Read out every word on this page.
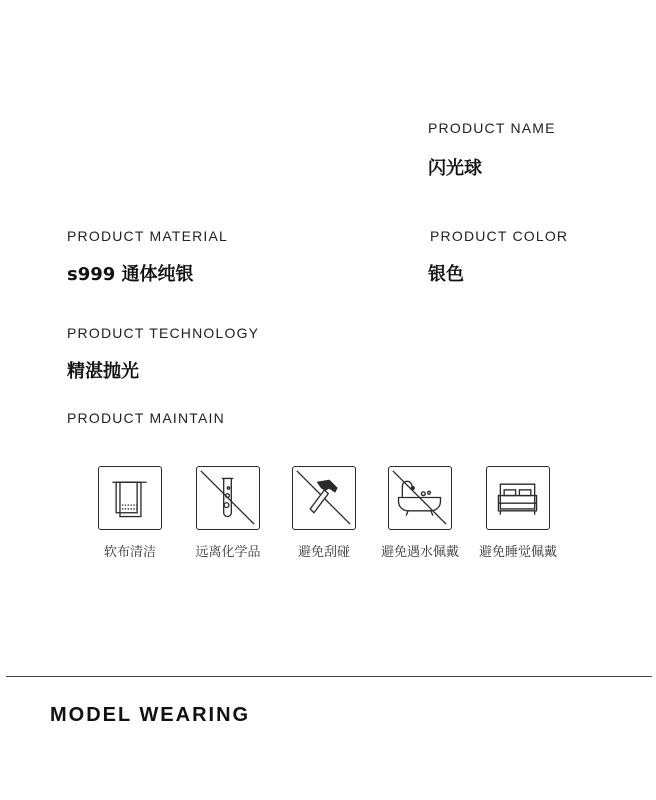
PRODUCT NAME
闪光球
PRODUCT MATERIAL
s999 通体纯银
PRODUCT COLOR
银色
PRODUCT TECHNOLOGY
精湛抛光
PRODUCT MAINTAIN
软布清洁	远离化学品	避免刮碰	避免遇水佩戴	避免睡觉佩戴
MODEL WEARING
